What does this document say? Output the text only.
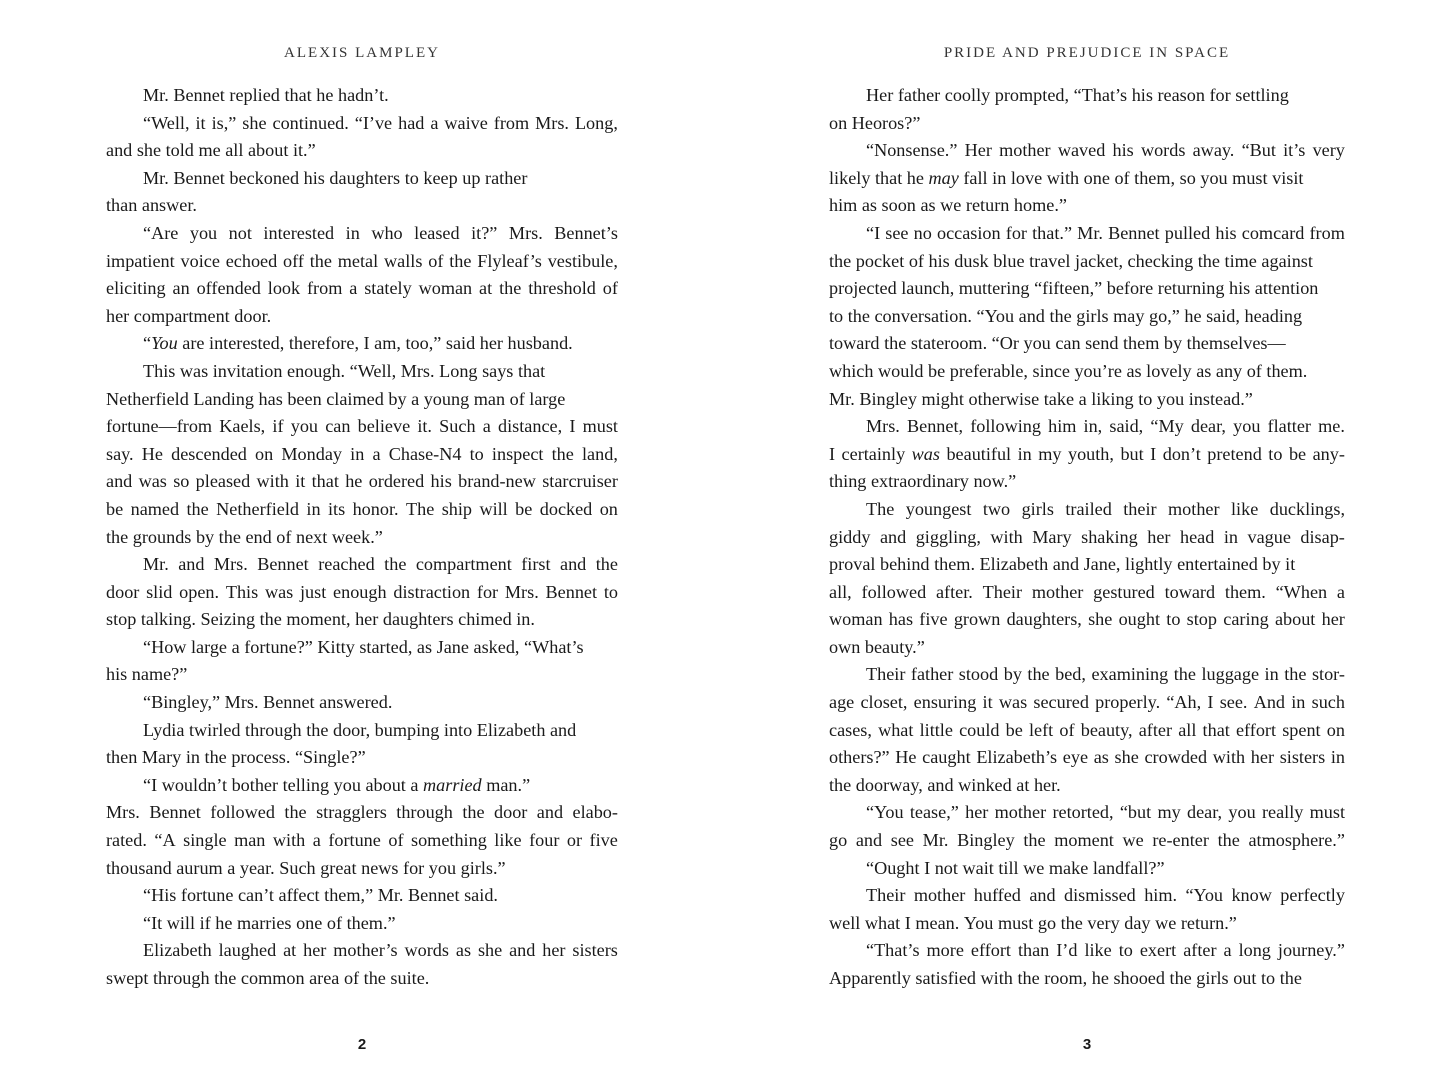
ALEXIS LAMPLEY
Mr. Bennet replied that he hadn’t.
“Well, it is,” she continued. “I’ve had a waive from Mrs. Long,
and she told me all about it.”
Mr. Bennet beckoned his daughters to keep up rather
than answer.
“Are you not interested in who leased it?” Mrs. Bennet’s
impatient voice echoed off the metal walls of the Flyleaf’s vestibule,
eliciting an offended look from a stately woman at the threshold of
her compartment door.
“You are interested, therefore, I am, too,” said her husband.
This was invitation enough. “Well, Mrs. Long says that
Netherfield Landing has been claimed by a young man of large
fortune—from Kaels, if you can believe it. Such a distance, I must
say. He descended on Monday in a Chase-N4 to inspect the land,
and was so pleased with it that he ordered his brand-new starcruiser
be named the Netherfield in its honor. The ship will be docked on
the grounds by the end of next week.”
Mr. and Mrs. Bennet reached the compartment first and the
door slid open. This was just enough distraction for Mrs. Bennet to
stop talking. Seizing the moment, her daughters chimed in.
“How large a fortune?” Kitty started, as Jane asked, “What’s
his name?”
“Bingley,” Mrs. Bennet answered.
Lydia twirled through the door, bumping into Elizabeth and
then Mary in the process. “Single?”
“I wouldn’t bother telling you about a married man.”
Mrs. Bennet followed the stragglers through the door and elabo-
rated. “A single man with a fortune of something like four or five
thousand aurum a year. Such great news for you girls.”
“His fortune can’t affect them,” Mr. Bennet said.
“It will if he marries one of them.”
Elizabeth laughed at her mother’s words as she and her sisters
swept through the common area of the suite.
2
PRIDE AND PREJUDICE IN SPACE
Her father coolly prompted, “That’s his reason for settling
on Heoros?”
“Nonsense.” Her mother waved his words away. “But it’s very
likely that he may fall in love with one of them, so you must visit
him as soon as we return home.”
“I see no occasion for that.” Mr. Bennet pulled his comcard from
the pocket of his dusk blue travel jacket, checking the time against
projected launch, muttering “fifteen,” before returning his attention
to the conversation. “You and the girls may go,” he said, heading
toward the stateroom. “Or you can send them by themselves—
which would be preferable, since you’re as lovely as any of them.
Mr. Bingley might otherwise take a liking to you instead.”
Mrs. Bennet, following him in, said, “My dear, you flatter me.
I certainly was beautiful in my youth, but I don’t pretend to be any-
thing extraordinary now.”
The youngest two girls trailed their mother like ducklings,
giddy and giggling, with Mary shaking her head in vague disap-
proval behind them. Elizabeth and Jane, lightly entertained by it
all, followed after. Their mother gestured toward them. “When a
woman has five grown daughters, she ought to stop caring about her
own beauty.”
Their father stood by the bed, examining the luggage in the stor-
age closet, ensuring it was secured properly. “Ah, I see. And in such
cases, what little could be left of beauty, after all that effort spent on
others?” He caught Elizabeth’s eye as she crowded with her sisters in
the doorway, and winked at her.
“You tease,” her mother retorted, “but my dear, you really must
go and see Mr. Bingley the moment we re-enter the atmosphere.”
“Ought I not wait till we make landfall?”
Their mother huffed and dismissed him. “You know perfectly
well what I mean. You must go the very day we return.”
“That’s more effort than I’d like to exert after a long journey.”
Apparently satisfied with the room, he shooed the girls out to the
3
